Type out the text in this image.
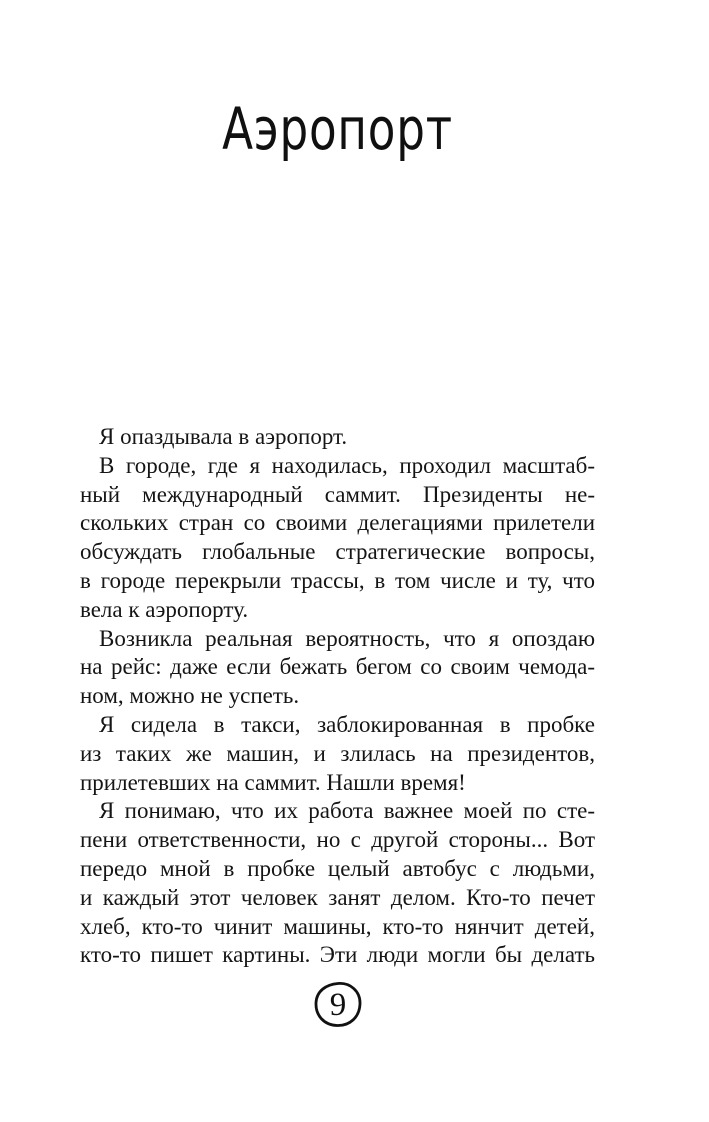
Аэропорт
Я опаздывала в аэропорт.
В городе, где я находилась, проходил масштаб-
ный международный саммит. Президенты не-
скольких стран со своими делегациями прилетели
обсуждать глобальные стратегические вопросы,
в городе перекрыли трассы, в том числе и ту, что
вела к аэропорту.
Возникла реальная вероятность, что я опоздаю
на рейс: даже если бежать бегом со своим чемода-
ном, можно не успеть.
Я сидела в такси, заблокированная в пробке
из таких же машин, и злилась на президентов,
прилетевших на саммит. Нашли время!
Я понимаю, что их работа важнее моей по сте-
пени ответственности, но с другой стороны... Вот
передо мной в пробке целый автобус с людьми,
и каждый этот человек занят делом. Кто-то печет
хлеб, кто-то чинит машины, кто-то нянчит детей,
кто-то пишет картины. Эти люди могли бы делать
9
